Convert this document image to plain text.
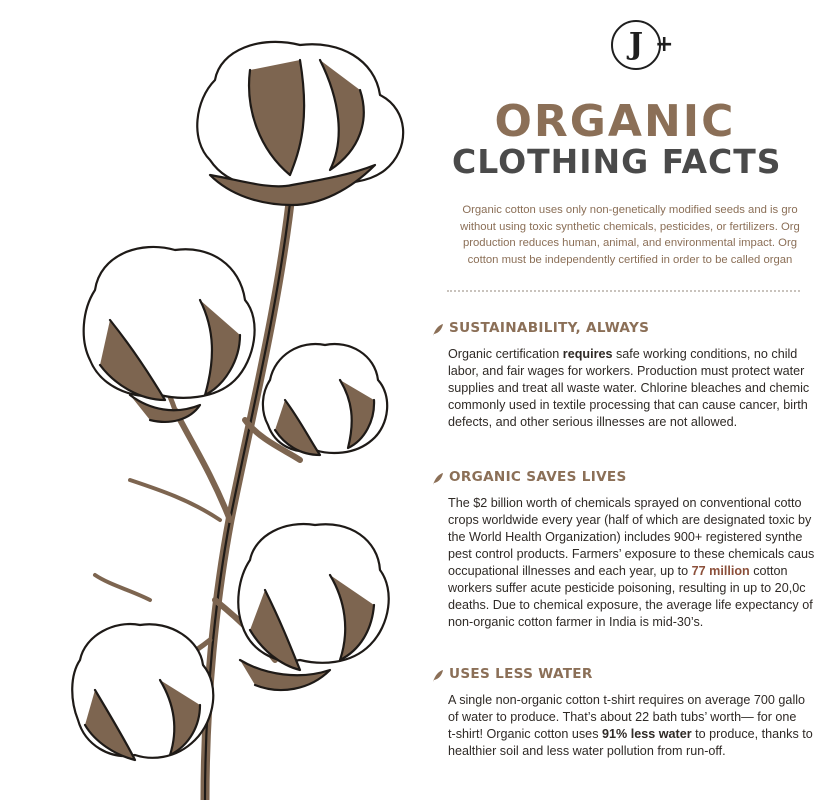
J +
ORGANIC
CLOTHING FACTS
Organic cotton uses only non-genetically modified seeds and is gro
without using toxic synthetic chemicals, pesticides, or fertilizers. Org
production reduces human, animal, and environmental impact. Org
cotton must be independently certified in order to be called organ
SUSTAINABILITY, ALWAYS
Organic certification requires safe working conditions, no child
labor, and fair wages for workers. Production must protect water
supplies and treat all waste water. Chlorine bleaches and chemic
commonly used in textile processing that can cause cancer, birth
defects, and other serious illnesses are not allowed.
ORGANIC SAVES LIVES
The $2 billion worth of chemicals sprayed on conventional cotto
crops worldwide every year (half of which are designated toxic by
the World Health Organization) includes 900+ registered synthe
pest control products. Farmers’ exposure to these chemicals caus
occupational illnesses and each year, up to 77 million cotton
workers suffer acute pesticide poisoning, resulting in up to 20,0c
deaths. Due to chemical exposure, the average life expectancy of
non-organic cotton farmer in India is mid-30’s.
USES LESS WATER
A single non-organic cotton t-shirt requires on average 700 gallo
of water to produce. That’s about 22 bath tubs’ worth— for one
t-shirt! Organic cotton uses 91% less water to produce, thanks to
healthier soil and less water pollution from run-off.
